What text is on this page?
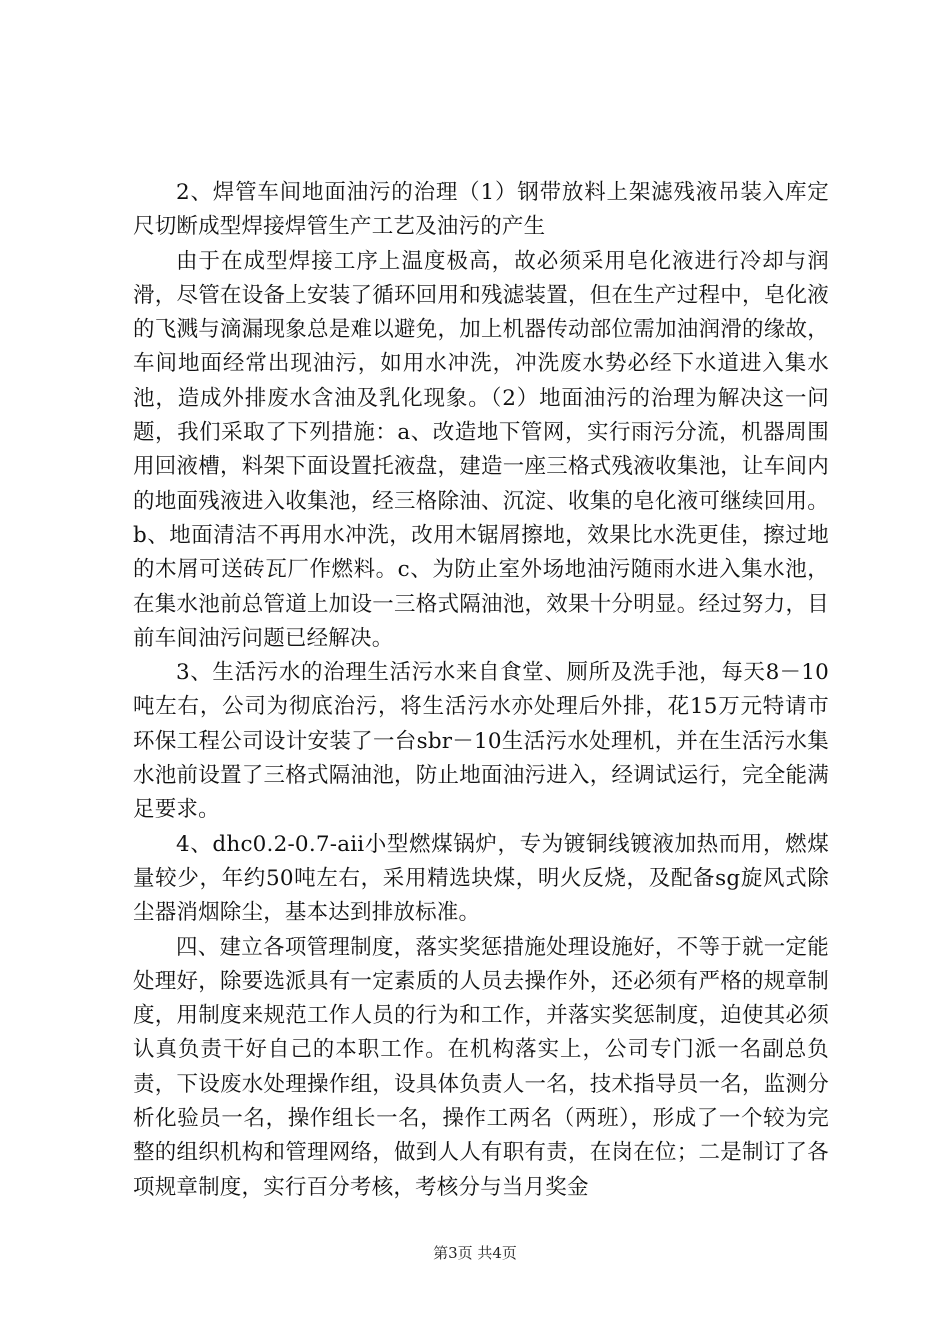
2、焊管车间地面油污的治理（1）钢带放料上架滤残液吊装入库定尺切断成型焊接焊管生产工艺及油污的产生

由于在成型焊接工序上温度极高，故必须采用皂化液进行冷却与润滑，尽管在设备上安装了循环回用和残滤装置，但在生产过程中，皂化液的飞溅与滴漏现象总是难以避免，加上机器传动部位需加油润滑的缘故，车间地面经常出现油污，如用水冲洗，冲洗废水势必经下水道进入集水池，造成外排废水含油及乳化现象。（2）地面油污的治理为解决这一问题，我们采取了下列措施：a、改造地下管网，实行雨污分流，机器周围用回液槽，料架下面设置托液盘，建造一座三格式残液收集池，让车间内的地面残液进入收集池，经三格除油、沉淀、收集的皂化液可继续回用。b、地面清洁不再用水冲洗，改用木锯屑擦地，效果比水洗更佳，擦过地的木屑可送砖瓦厂作燃料。c、为防止室外场地油污随雨水进入集水池，在集水池前总管道上加设一三格式隔油池，效果十分明显。经过努力，目前车间油污问题已经解决。

3、生活污水的治理生活污水来自食堂、厕所及洗手池，每天8－10吨左右，公司为彻底治污，将生活污水亦处理后外排，花15万元特请市环保工程公司设计安装了一台sbr－10生活污水处理机，并在生活污水集水池前设置了三格式隔油池，防止地面油污进入，经调试运行，完全能满足要求。

4、dhc0.2-0.7-aii小型燃煤锅炉，专为镀铜线镀液加热而用，燃煤量较少，年约50吨左右，采用精选块煤，明火反烧，及配备sg旋风式除尘器消烟除尘，基本达到排放标准。

四、建立各项管理制度，落实奖惩措施处理设施好，不等于就一定能处理好，除要选派具有一定素质的人员去操作外，还必须有严格的规章制度，用制度来规范工作人员的行为和工作，并落实奖惩制度，迫使其必须认真负责干好自己的本职工作。在机构落实上，公司专门派一名副总负责，下设废水处理操作组，设具体负责人一名，技术指导员一名，监测分析化验员一名，操作组长一名，操作工两名（两班），形成了一个较为完整的组织机构和管理网络，做到人人有职有责，在岗在位；二是制订了各项规章制度，实行百分考核，考核分与当月奖金

第3页 共4页
